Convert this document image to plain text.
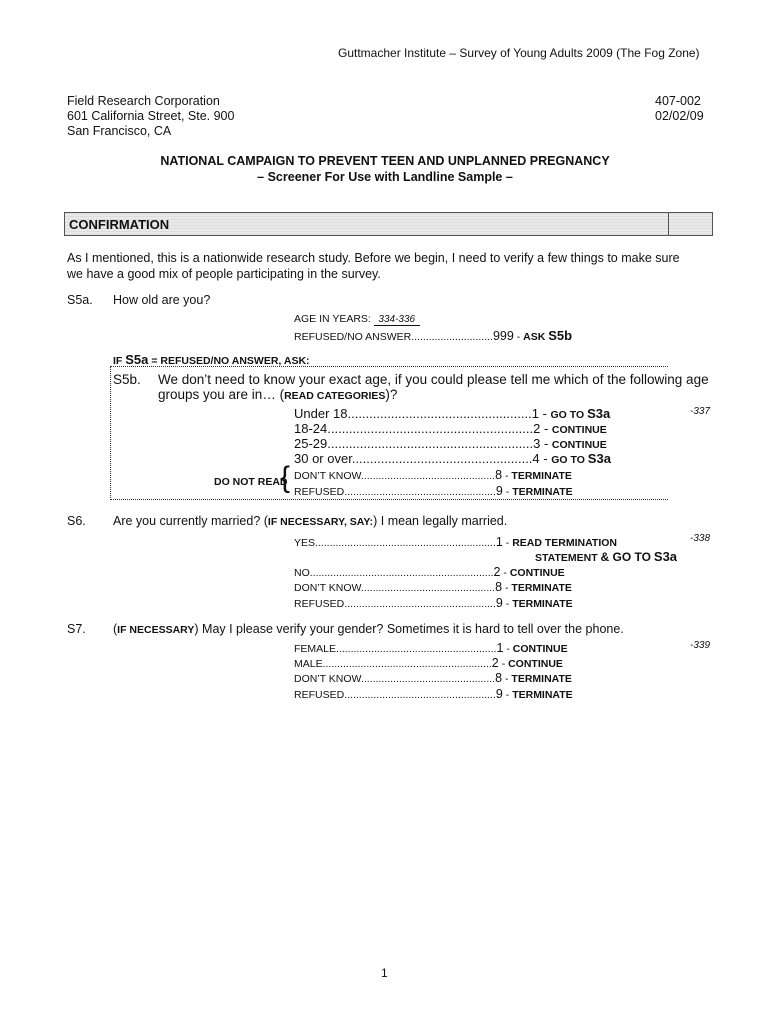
Guttmacher Institute – Survey of Young Adults 2009 (The Fog Zone)
Field Research Corporation
601 California Street, Ste. 900
San Francisco, CA
407-002
02/02/09
NATIONAL CAMPAIGN TO PREVENT TEEN AND UNPLANNED PREGNANCY
– Screener For Use with Landline Sample –
CONFIRMATION
As I mentioned, this is a nationwide research study. Before we begin, I need to verify a few things to make sure
we have a good mix of people participating in the survey.
S5a. How old are you?
AGE IN YEARS: 334-336
REFUSED/NO ANSWER............................999 - ASK S5b
IF S5a = REFUSED/NO ANSWER, ASK:
S5b. We don’t need to know your exact age, if you could please tell me which of the following age
groups you are in… (READ CATEGORIES)?
-337
Under 18...................................................1 - GO TO S3a
18-24.........................................................2 - CONTINUE
25-29.........................................................3 - CONTINUE
30 or over..................................................4 - GO TO S3a
DO NOT READ
{ DON’T KNOW..............................................8 - TERMINATE
REFUSED....................................................9 - TERMINATE
S6. Are you currently married? (IF NECESSARY, SAY:) I mean legally married.
-338
YES..............................................................1 - READ TERMINATION
STATEMENT & GO TO S3a
NO...............................................................2 - CONTINUE
DON’T KNOW..............................................8 - TERMINATE
REFUSED....................................................9 - TERMINATE
S7. (IF NECESSARY) May I please verify your gender? Sometimes it is hard to tell over the phone.
-339
FEMALE.......................................................1 - CONTINUE
MALE..........................................................2 - CONTINUE
DON’T KNOW..............................................8 - TERMINATE
REFUSED....................................................9 - TERMINATE
1
